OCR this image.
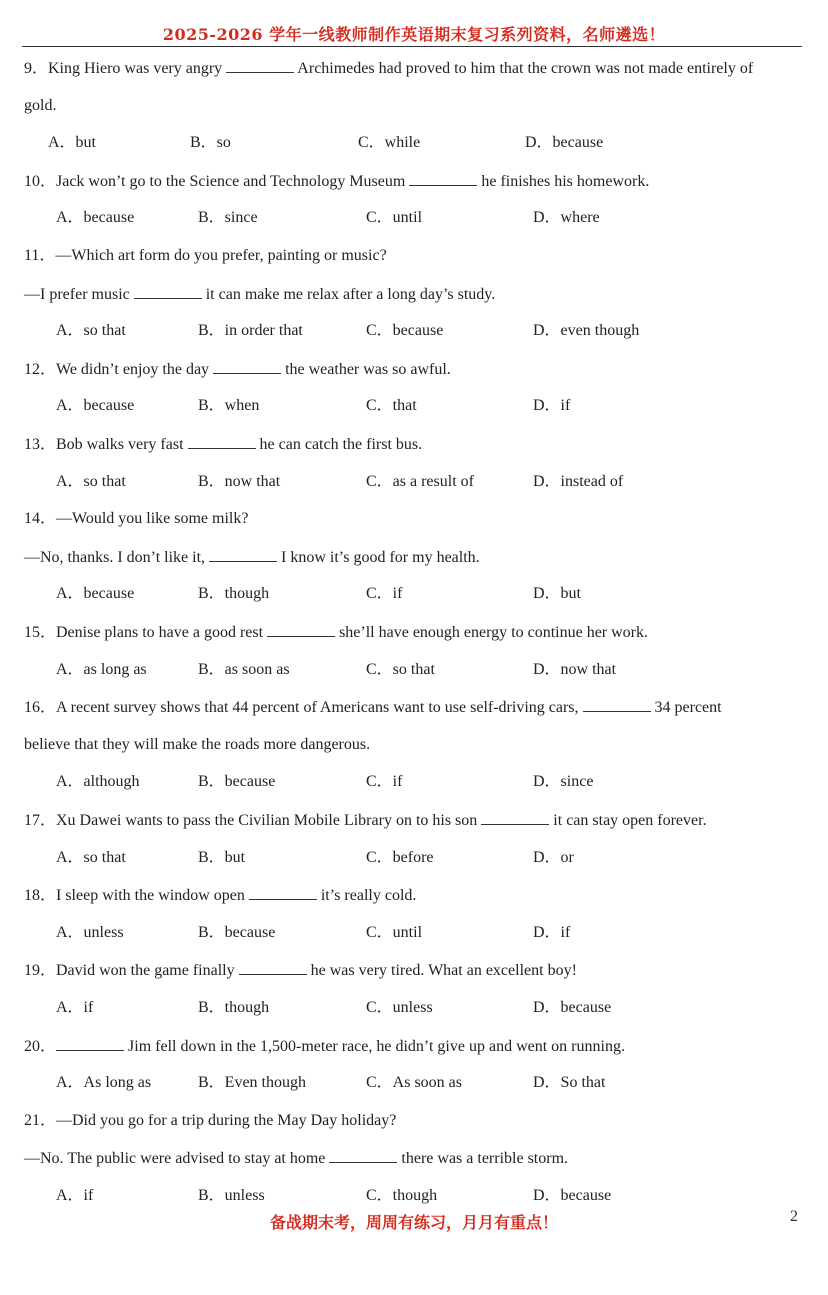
2025-2026 学年一线教师制作英语期末复习系列资料，名师遴选！
9．King Hiero was very angry	Archimedes had proved to him that the crown was not made entirely of
gold.
A．but	B．so	C．while	D．because
10．Jack won’t go to the Science and Technology Museum	he finishes his homework.
A．because	B．since	C．until	D．where
11．—Which art form do you prefer, painting or music?
—I prefer music	it can make me relax after a long day’s study.
A．so that	B．in order that	C．because	D．even though
12．We didn’t enjoy the day	the weather was so awful.
A．because	B．when	C．that	D．if
13．Bob walks very fast	he can catch the first bus.
A．so that	B．now that	C．as a result of	D．instead of
14．—Would you like some milk?
—No, thanks. I don’t like it,	I know it’s good for my health.
A．because	B．though	C．if	D．but
15．Denise plans to have a good rest	she’ll have enough energy to continue her work.
A．as long as	B．as soon as	C．so that	D．now that
16．A recent survey shows that 44 percent of Americans want to use self-driving cars,	34 percent
believe that they will make the roads more dangerous.
A．although	B．because	C．if	D．since
17．Xu Dawei wants to pass the Civilian Mobile Library on to his son	it can stay open forever.
A．so that	B．but	C．before	D．or
18．I sleep with the window open	it’s really cold.
A．unless	B．because	C．until	D．if
19．David won the game finally	he was very tired. What an excellent boy!
A．if	B．though	C．unless	D．because
20．	Jim fell down in the 1,500-meter race, he didn’t give up and went on running.
A．As long as	B．Even though	C．As soon as	D．So that
21．—Did you go for a trip during the May Day holiday?
—No. The public were advised to stay at home	there was a terrible storm.
A．if	B．unless	C．though	D．because
备战期末考，周周有练习，月月有重点！	2
